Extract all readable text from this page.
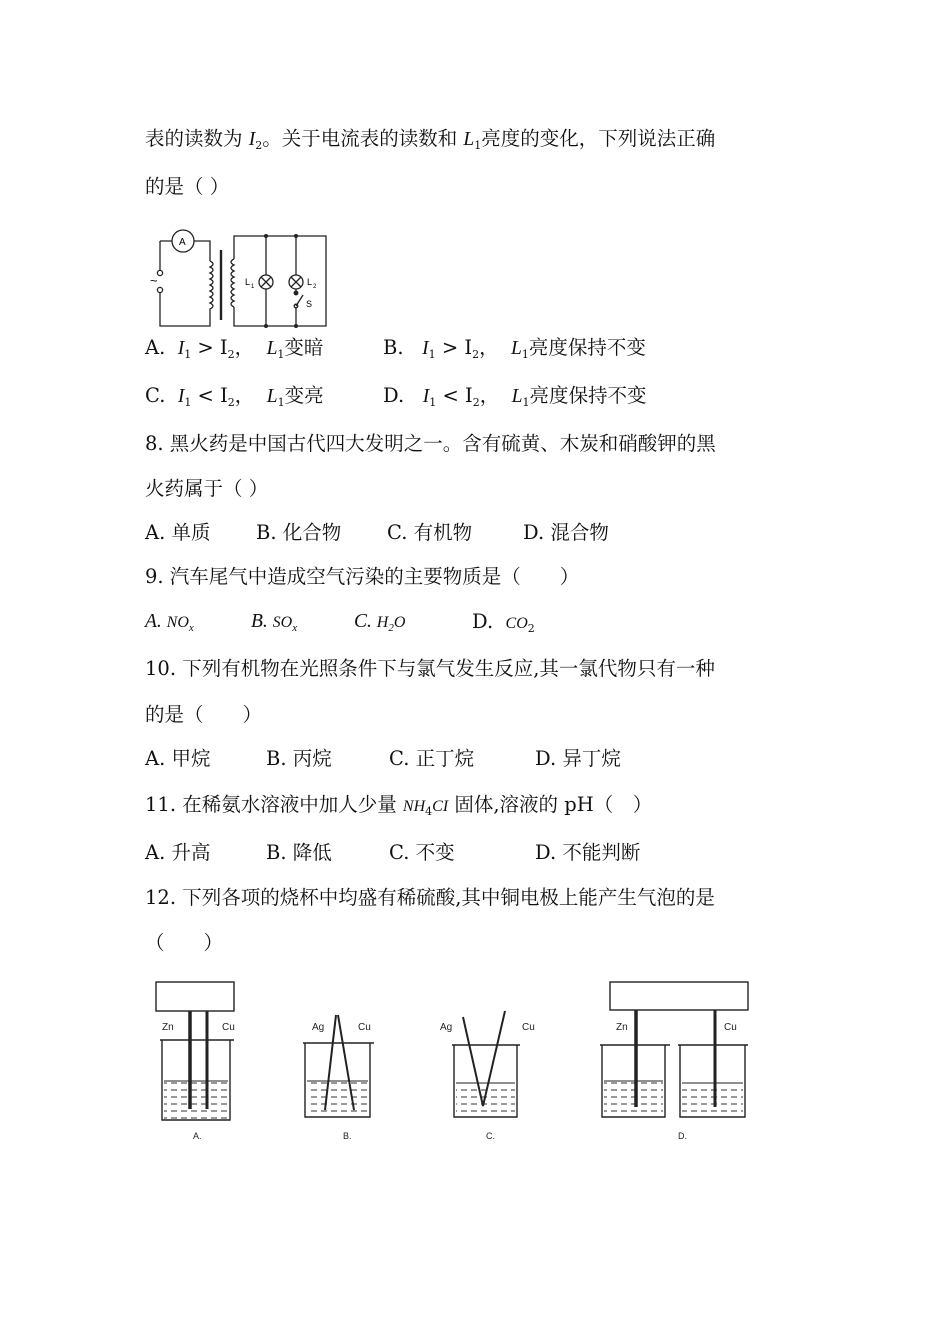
表的读数为 $I_2$。关于电流表的读数和 $L_1$亮度的变化，下列说法正确
的是（ ）
A
~	L 1	L 2
S
A. $I_1 > I_2$， $L_1$变暗	B. $I_1 > I_2$， $L_1$亮度保持不变
C. $I_1 < I_2$， $L_1$变亮	D. $I_1 < I_2$， $L_1$亮度保持不变
8. 黑火药是中国古代四大发明之一。含有硫黄、木炭和硝酸钾的黑
火药属于（ ）
A. 单质 B. 化合物 C. 有机物	D. 混合物
9. 汽车尾气中造成空气污染的主要物质是（　　）
A. $NO_x$	B. $SO_x$	C. $H_2O$	D. $CO_2$
10. 下列有机物在光照条件下与氯气发生反应,其一氯代物只有一种
的是（　　）
A. 甲烷	B. 丙烷	C. 正丁烷	D. 异丁烷
11. 在稀氨水溶液中加人少量 $NH_4CI$ 固体,溶液的 pH（　）
A. 升高	B. 降低	C. 不变	D. 不能判断
12. 下列各项的烧杯中均盛有稀硫酸,其中铜电极上能产生气泡的是
（　　）
Zn	Cu
A.
Ag	Cu
B.
Ag	Cu
C.
Zn	Cu
D.
